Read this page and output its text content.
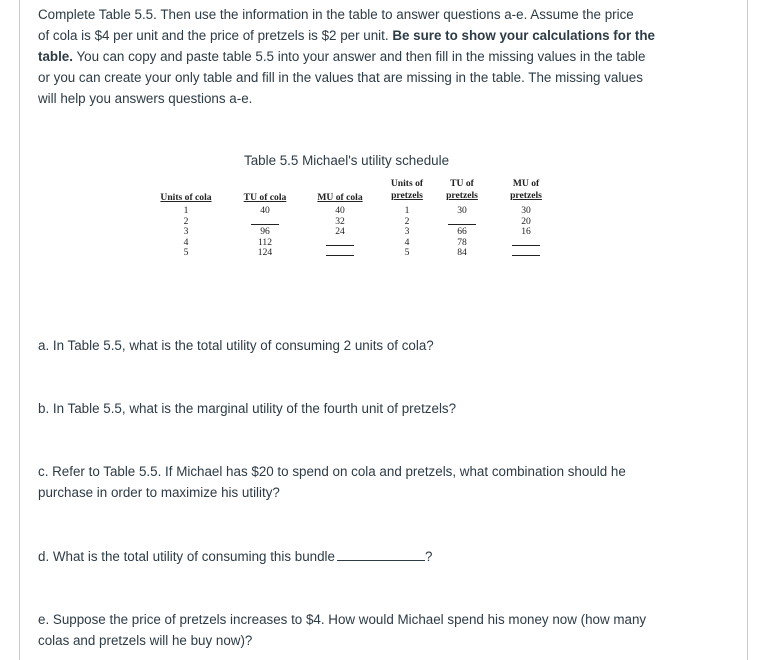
Complete Table 5.5. Then use the information in the table to answer questions a-e. Assume the price
of cola is $4 per unit and the price of pretzels is $2 per unit. Be sure to show your calculations for the
table. You can copy and paste table 5.5 into your answer and then fill in the missing values in the table
or you can create your only table and fill in the values that are missing in the table. The missing values
will help you answers questions a-e.
Table 5.5 Michael's utility schedule
Units of cola
1
2
3
4
5
TU of cola
40
96
112
124
MU of cola
40
32
24
Units of
pretzels
1
2
3
4
5
TU of
pretzels
30
66
78
84
MU of
pretzels
30
20
16
a. In Table 5.5, what is the total utility of consuming 2 units of cola?
b. In Table 5.5, what is the marginal utility of the fourth unit of pretzels?
c. Refer to Table 5.5. If Michael has $20 to spend on cola and pretzels, what combination should he
purchase in order to maximize his utility?
d. What is the total utility of consuming this bundle	?
e. Suppose the price of pretzels increases to $4. How would Michael spend his money now (how many
colas and pretzels will he buy now)?
